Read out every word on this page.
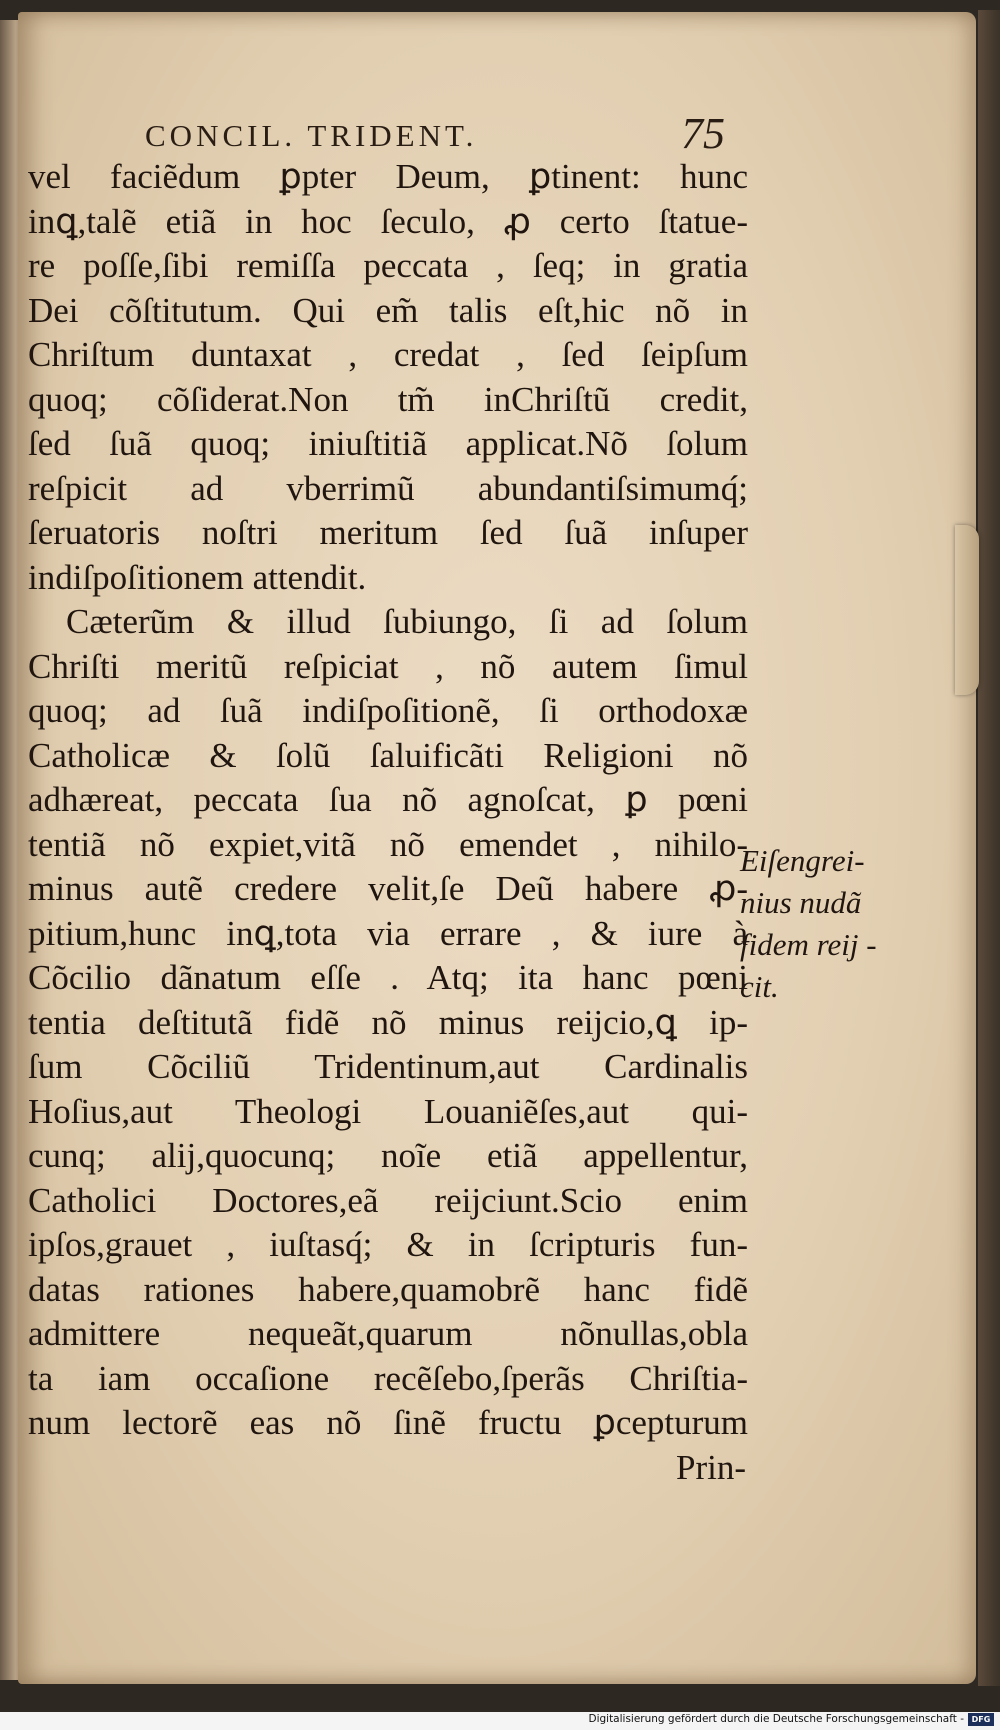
CONCIL. TRIDENT.	75
vel faciẽdum ꝑpter Deum, ꝑtinent: hunc
inꝗ,talẽ etiã in hoc ſeculo, ꝓ certo ſtatue-
re poſſe,ſibi remiſſa peccata , ſeq; in gratia
Dei cõſtitutum. Qui em̃ talis eſt,hic nõ in
Chriſtum duntaxat , credat , ſed ſeipſum
quoq; cõſiderat.Non tm̃ inChriſtũ credit,
ſed ſuã quoq; iniuſtitiã applicat.Nõ ſolum
reſpicit ad vberrimũ abundantiſsimumq́;
ſeruatoris noſtri meritum ſed ſuã inſuper
indiſpoſitionem attendit.
Cæterũm & illud ſubiungo, ſi ad ſolum
Chriſti meritũ reſpiciat , nõ autem ſimul
quoq; ad ſuã indiſpoſitionẽ, ſi orthodoxæ
Catholicæ & ſolũ ſaluificãti Religioni nõ
adhæreat, peccata ſua nõ agnoſcat, ꝑ pœni
tentiã nõ expiet,vitã nõ emendet , nihilo-
minus autẽ credere velit,ſe Deũ habere ꝓ-
pitium,hunc inꝗ,tota via errare , & iure à
Cõcilio dãnatum eſſe . Atq; ita hanc pœni
tentia deſtitutã fidẽ nõ minus reijcio,ꝗ ip-
ſum Cõciliũ Tridentinum,aut Cardinalis
Hoſius,aut Theologi Louaniẽſes,aut qui-
cunq; alij,quocunq; noĩe etiã appellentur,
Catholici Doctores,eã reijciunt.Scio enim
ipſos,grauet , iuſtasq́; & in ſcripturis fun-
datas rationes habere,quamobrẽ hanc fidẽ
admittere nequeãt,quarum nõnullas,obla
ta iam occaſione recẽſebo,ſperãs Chriſtia-
num lectorẽ eas nõ ſinẽ fructu ꝑcepturum
Prin-
Eiſengrei-
nius nudã
fidem reij -
cit.
Digitalisierung gefördert durch die Deutsche Forschungsgemeinschaft - DFG
